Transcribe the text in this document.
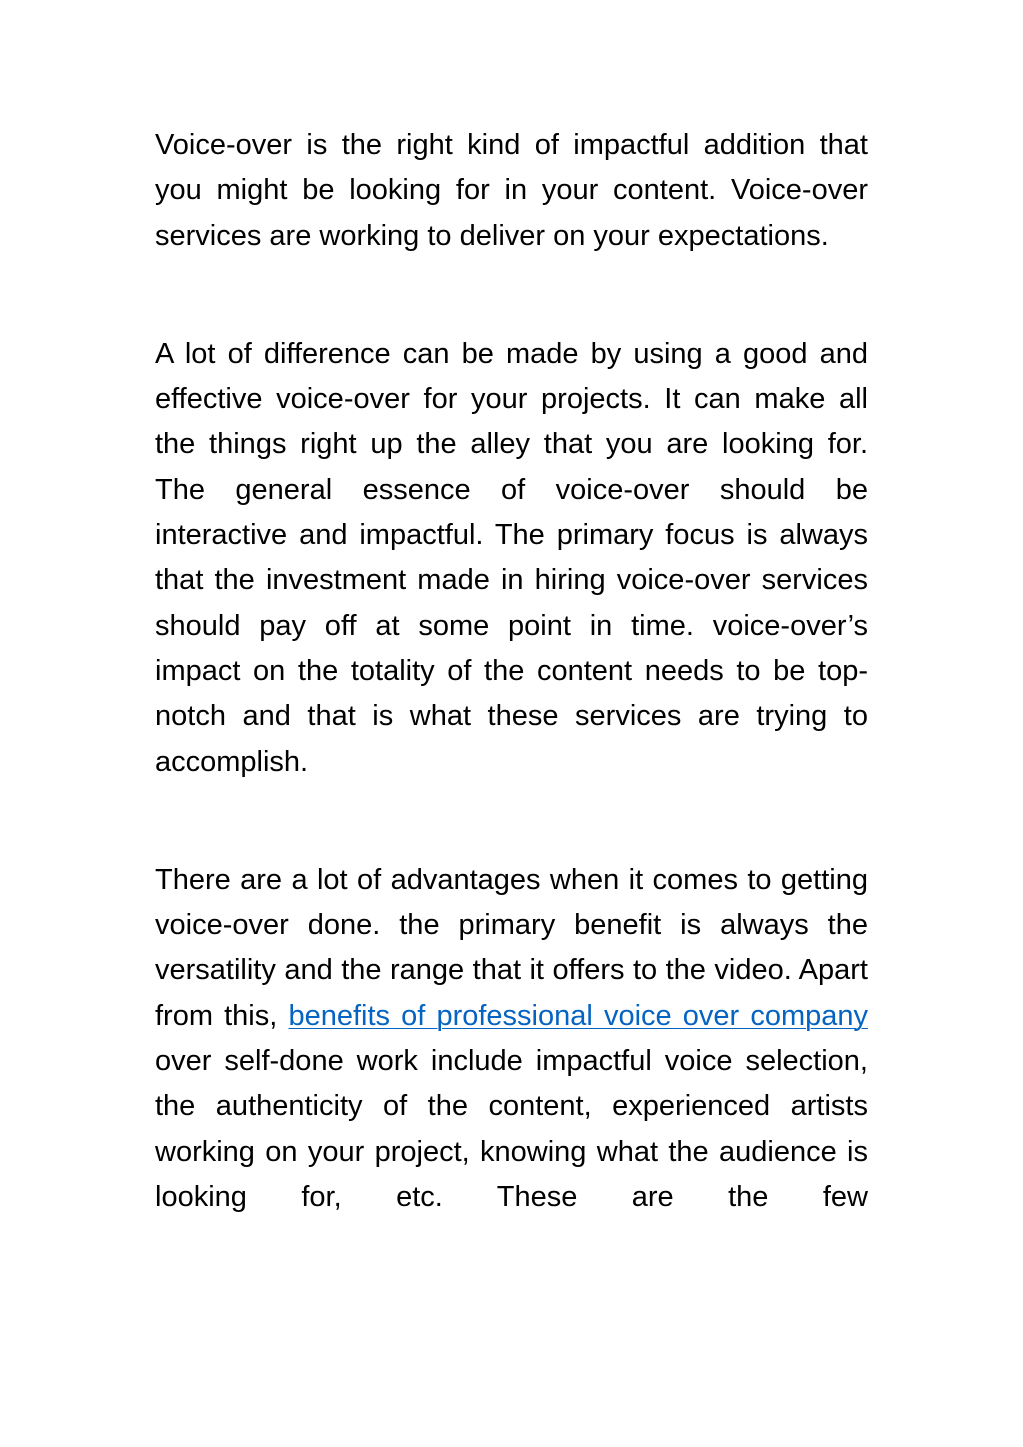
Voice-over is the right kind of impactful addition that you might be looking for in your content. Voice-over services are working to deliver on your expectations.

A lot of difference can be made by using a good and effective voice-over for your projects. It can make all the things right up the alley that you are looking for. The general essence of voice-over should be interactive and impactful. The primary focus is always that the investment made in hiring voice-over services should pay off at some point in time. voice-over’s impact on the totality of the content needs to be top-notch and that is what these services are trying to accomplish.

There are a lot of advantages when it comes to getting voice-over done. the primary benefit is always the versatility and the range that it offers to the video. Apart from this, benefits of professional voice over company over self-done work include impactful voice selection, the authenticity of the content, experienced artists working on your project, knowing what the audience is looking for, etc. These are the few
